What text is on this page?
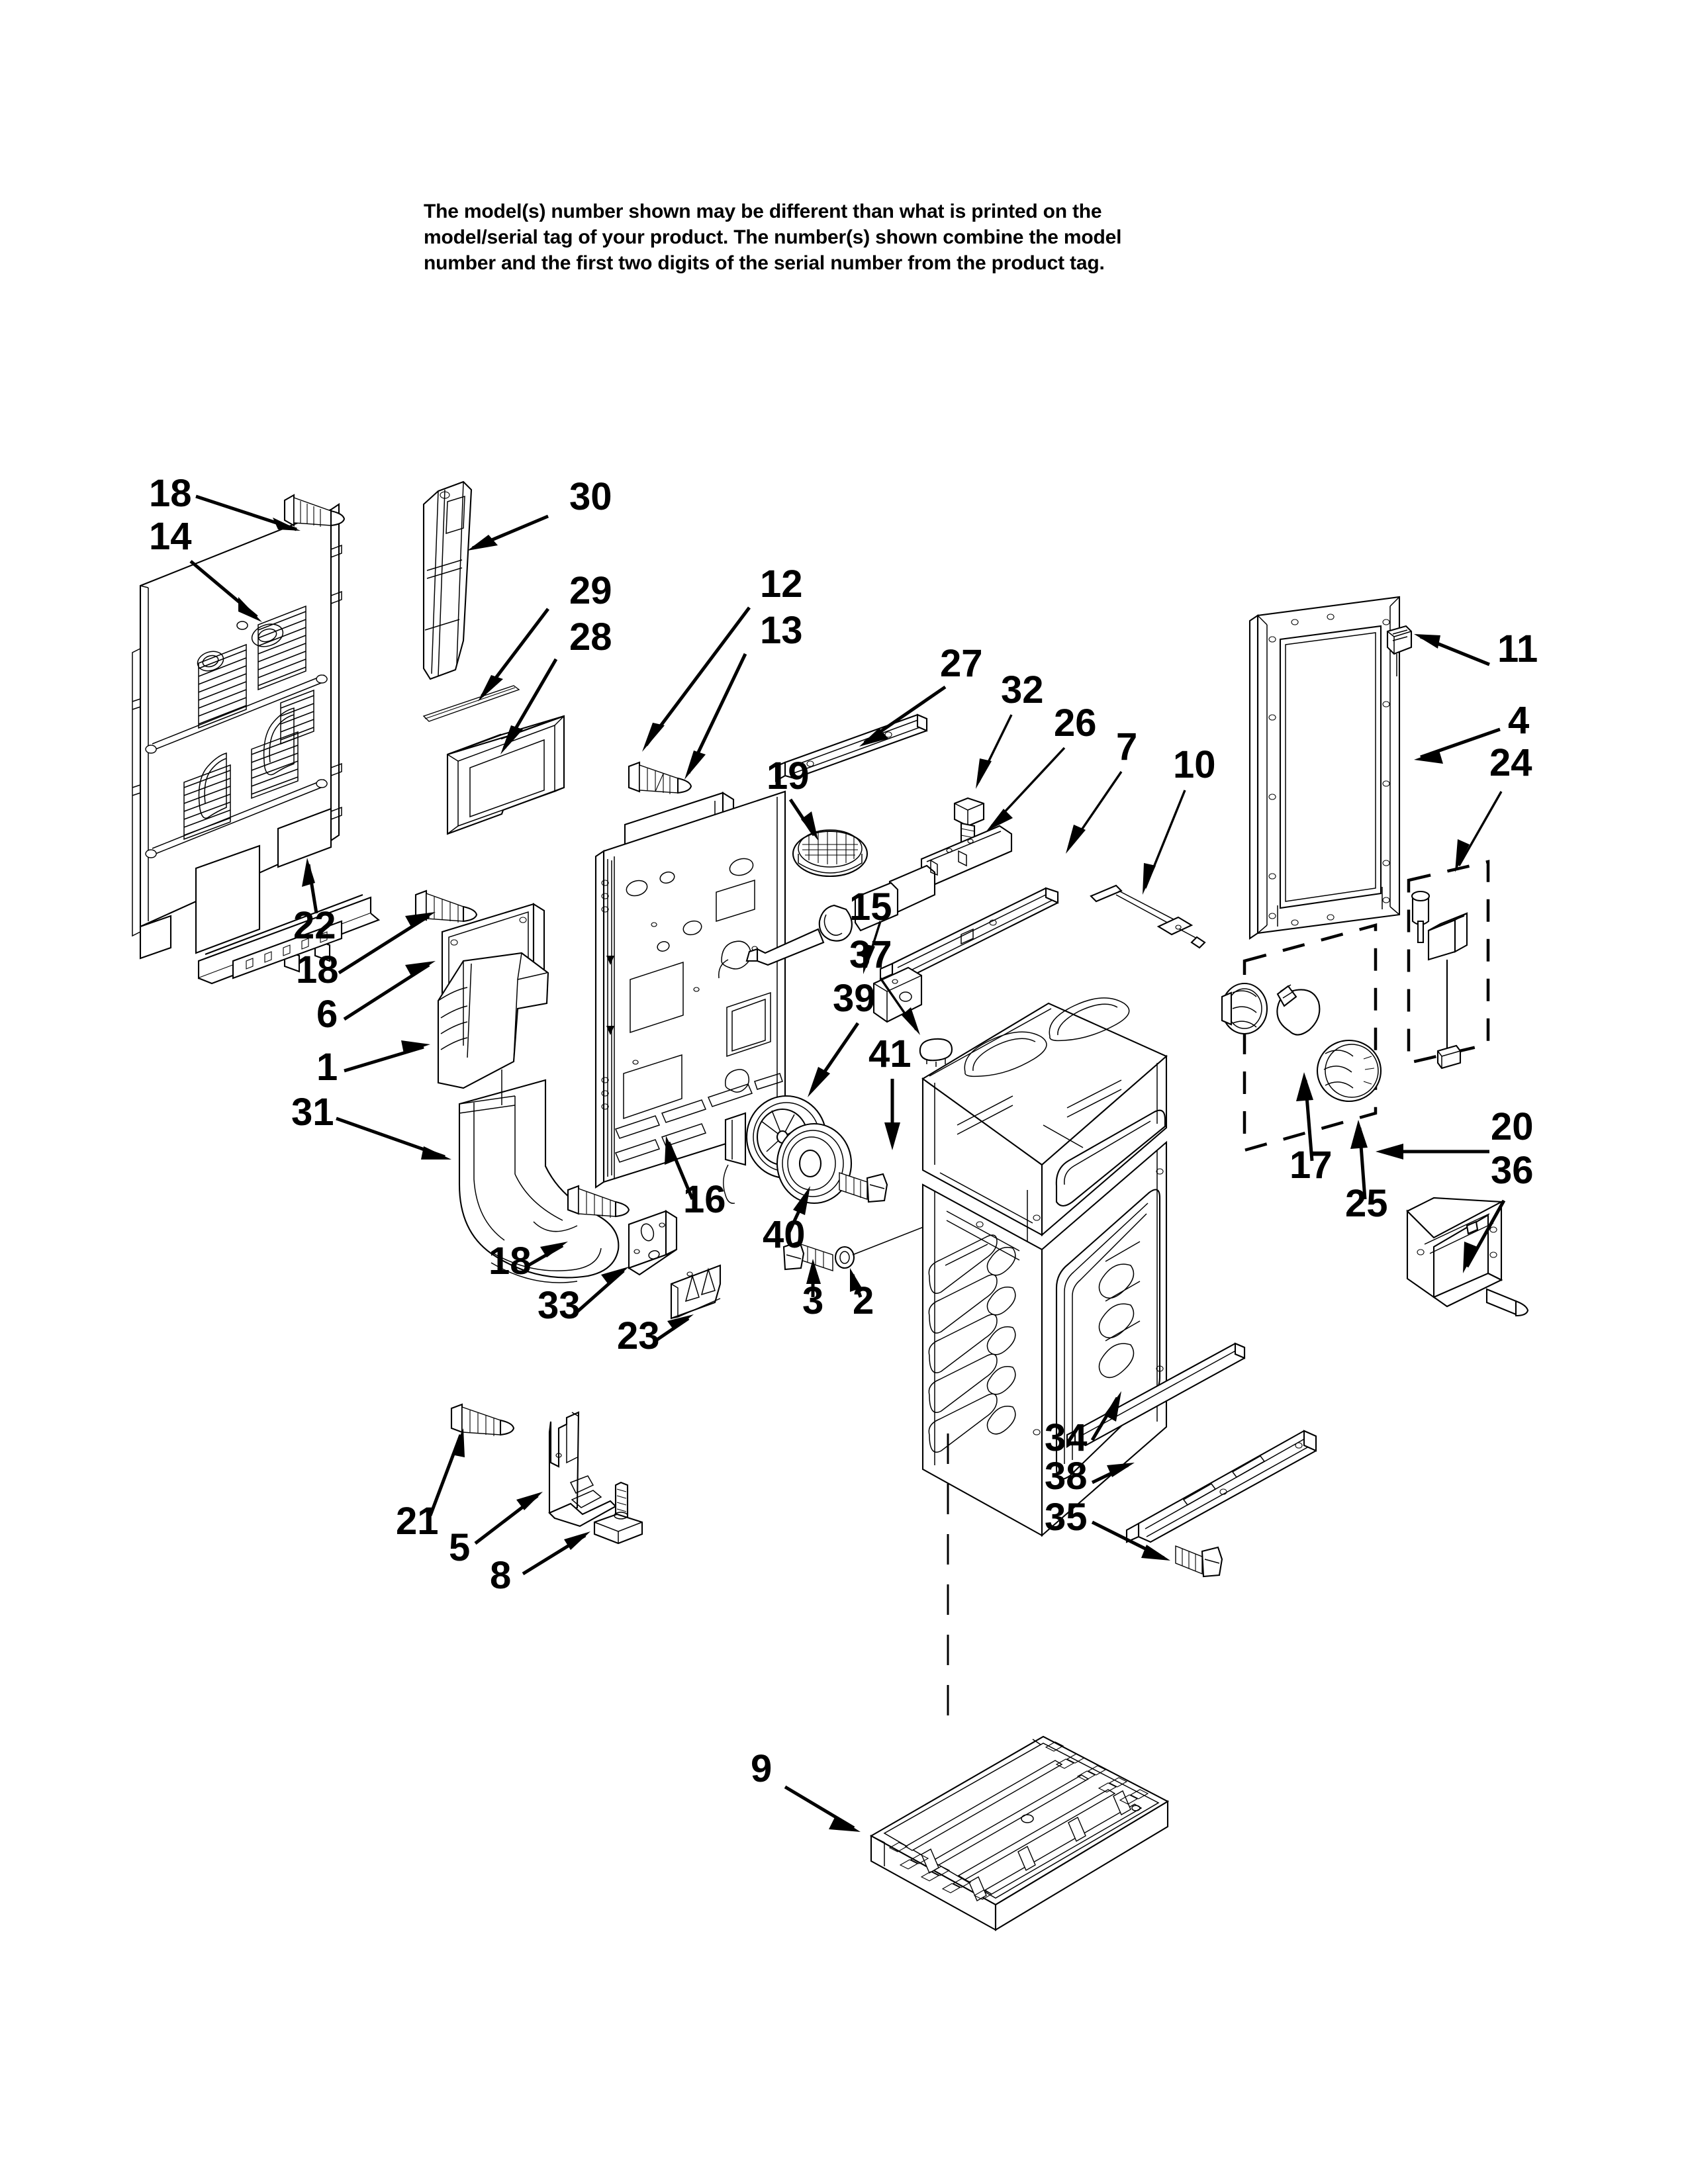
The model(s) number shown may be different than what is printed on the
model/serial tag of your product. The number(s) shown combine the model
number and the first two digits of the serial number from the product tag.
18
14
30
29
28
12
13
22
18
6
1
31
27
32
26
7 10
19
15
37
39
41
16
40
18
33
23
3 2
21
5
8
11
4
24
17
25
20
36
34
38
35
9
